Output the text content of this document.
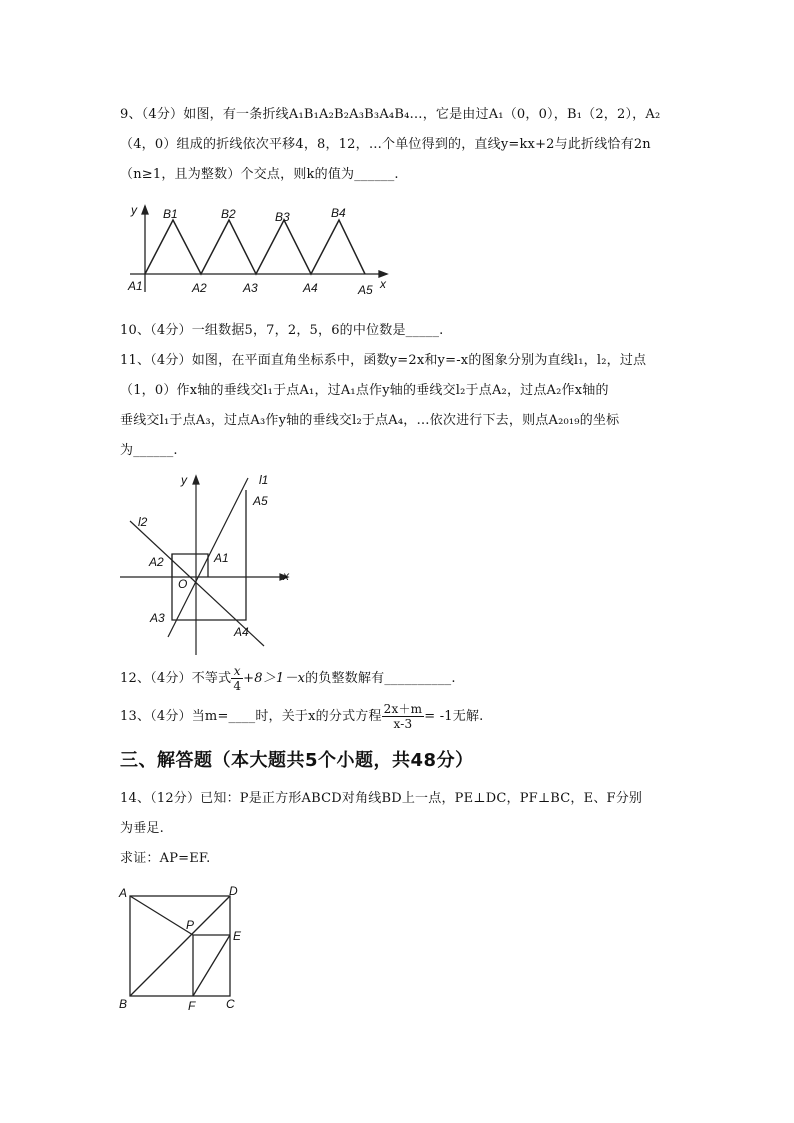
9、（4分）如图，有一条折线A₁B₁A₂B₂A₃B₃A₄B₄…，它是由过A₁（0，0），B₁（2，2），A₂
（4，0）组成的折线依次平移4，8，12，…个单位得到的，直线y=kx+2与此折线恰有2n
（n≥1，且为整数）个交点，则k的值为______.
y
x
B1	B2	B3	B4
A1	A2	A3	A4	A5
10、（4分）一组数据5，7，2，5，6的中位数是_____.
11、（4分）如图，在平面直角坐标系中，函数y=2x和y=-x的图象分别为直线l₁，l₂，过点
（1，0）作x轴的垂线交l₁于点A₁，过A₁点作y轴的垂线交l₂于点A₂，过点A₂作x轴的
垂线交l₁于点A₃，过点A₃作y轴的垂线交l₂于点A₄，…依次进行下去，则点A₂₀₁₉的坐标
为______.
y
x
l1
l2
O
A1
A2
A3
A4
A5
12、（4分）不等式 $\frac{x}{4} +8>1-x$的负整数解有__________.
13、（4分）当m=____时，关于x的分式方程 $\frac{2x+m}{x-3} = -1$无解.
三、解答题（本大题共5个小题，共48分）
14、（12分）已知：P是正方形ABCD对角线BD上一点，PE⊥DC，PF⊥BC，E、F分别
为垂足.
求证：AP=EF.
A	D
B	C
P
E
F
